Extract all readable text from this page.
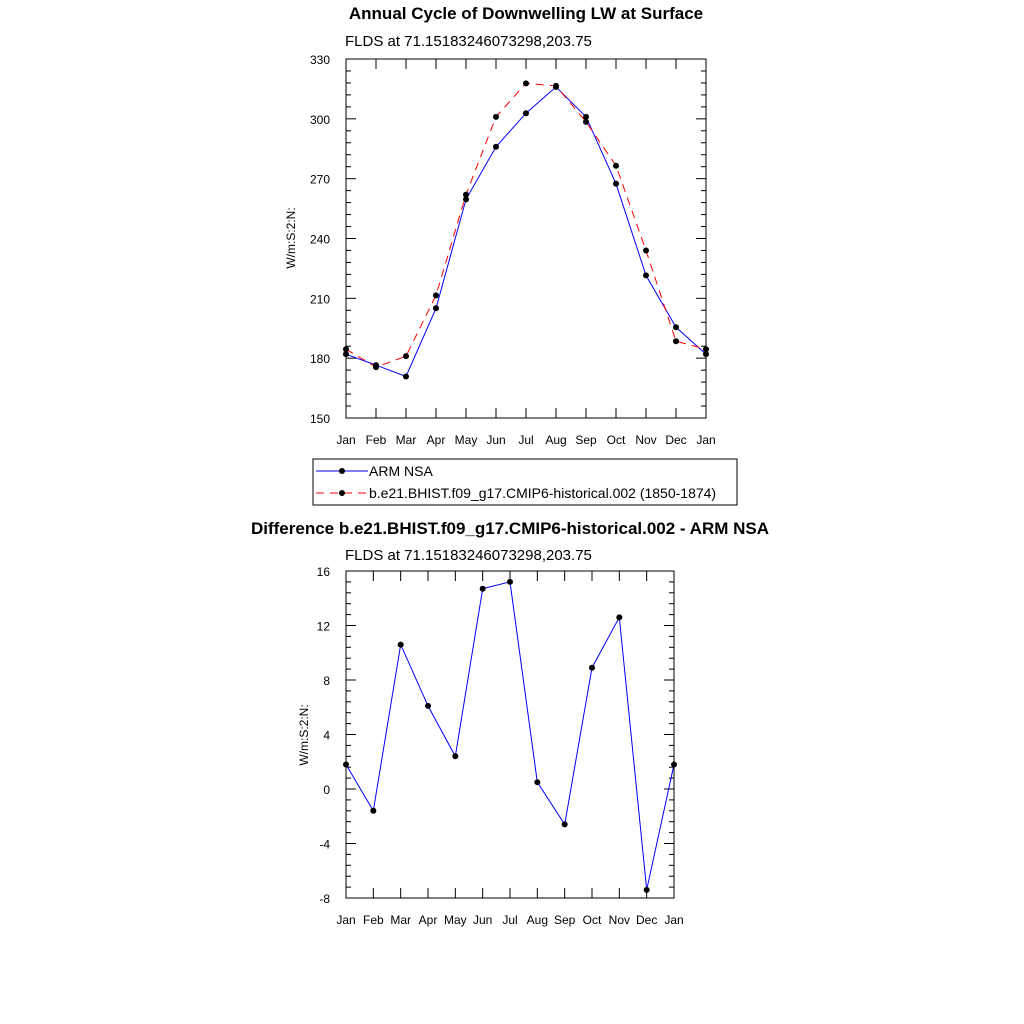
Annual Cycle of Downwelling LW at Surface
FLDS at 71.15183246073298,203.75
W/m:S:2:N:
Jan Feb Mar Apr May Jun Jul Aug Sep Oct Nov Dec Jan
150
180
210
240
270
300
330
ARM NSA
b.e21.BHIST.f09_g17.CMIP6-historical.002 (1850-1874)
Difference b.e21.BHIST.f09_g17.CMIP6-historical.002 - ARM NSA
FLDS at 71.15183246073298,203.75
W/m:S:2:N:
Jan Feb Mar Apr May Jun Jul Aug Sep Oct Nov Dec Jan
-8
-4
0
4
8
12
16
